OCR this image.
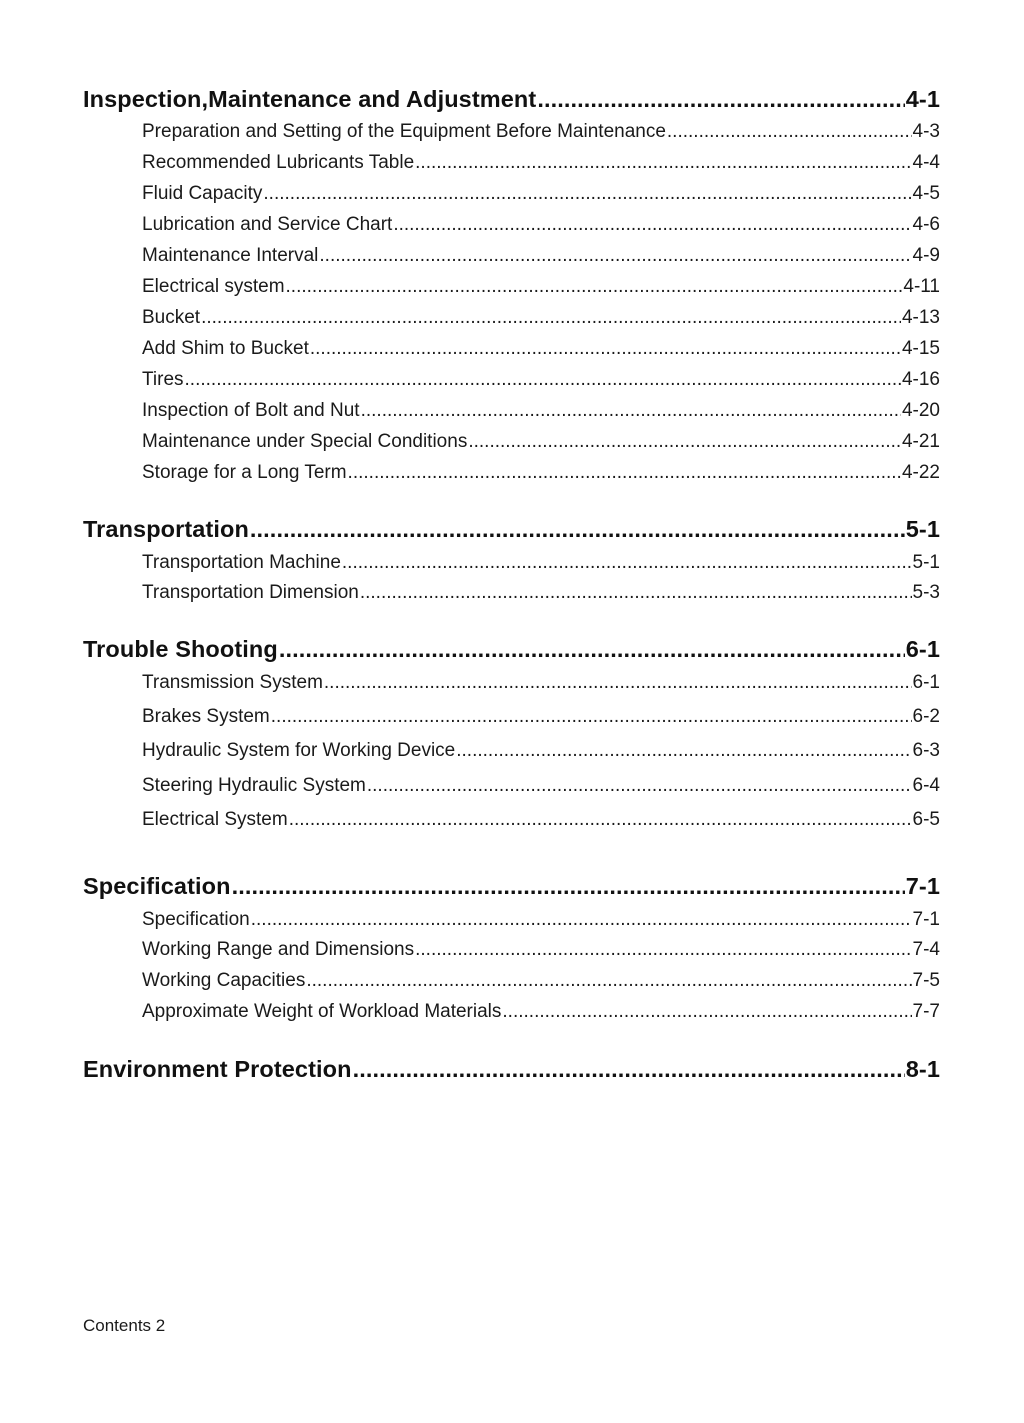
Inspection,Maintenance and Adjustment .....	4-1
Preparation and Setting of the Equipment Before Maintenance .....	4-3
Recommended Lubricants Table .....	4-4
Fluid Capacity .....	4-5
Lubrication and Service Chart .....	4-6
Maintenance Interval .....	4-9
Electrical system .....	4-11
Bucket .....	4-13
Add Shim to Bucket .....	4-15
Tires .....	4-16
Inspection of Bolt and Nut .....	4-20
Maintenance under Special Conditions .....	4-21
Storage for a Long Term .....	4-22
Transportation .....	5-1
Transportation Machine .....	5-1
Transportation Dimension .....	5-3
Trouble Shooting .....	6-1
Transmission System .....	6-1
Brakes System .....	6-2
Hydraulic System for Working Device .....	6-3
Steering Hydraulic System .....	6-4
Electrical System .....	6-5
Specification .....	7-1
Specification .....	7-1
Working Range and Dimensions .....	7-4
Working Capacities .....	7-5
Approximate Weight of Workload Materials .....	7-7
Environment Protection .....	8-1
Contents 2
